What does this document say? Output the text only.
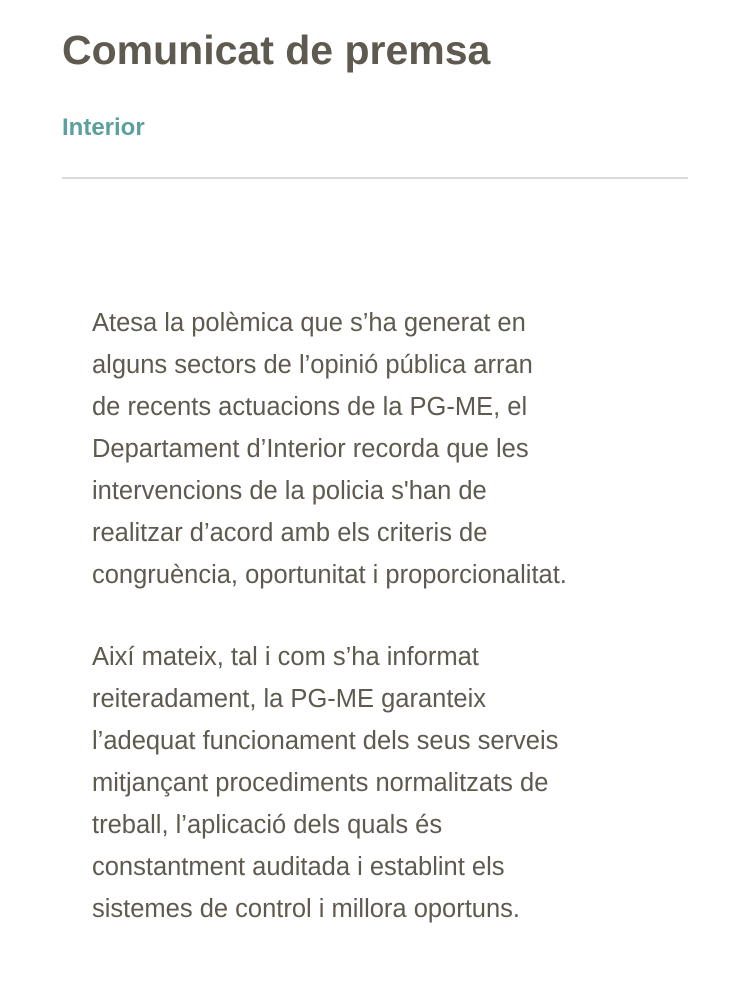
Comunicat de premsa
Interior

Atesa la polèmica que s’ha generat en
alguns sectors de l’opinió pública arran
de recents actuacions de la PG-ME, el
Departament d’Interior recorda que les
intervencions de la policia s'han de
realitzar d’acord amb els criteris de
congruència, oportunitat i proporcionalitat.

Així mateix, tal i com s’ha informat
reiteradament, la PG-ME garanteix
l’adequat funcionament dels seus serveis
mitjançant procediments normalitzats de
treball, l’aplicació dels quals és
constantment auditada i establint els
sistemes de control i millora oportuns.
